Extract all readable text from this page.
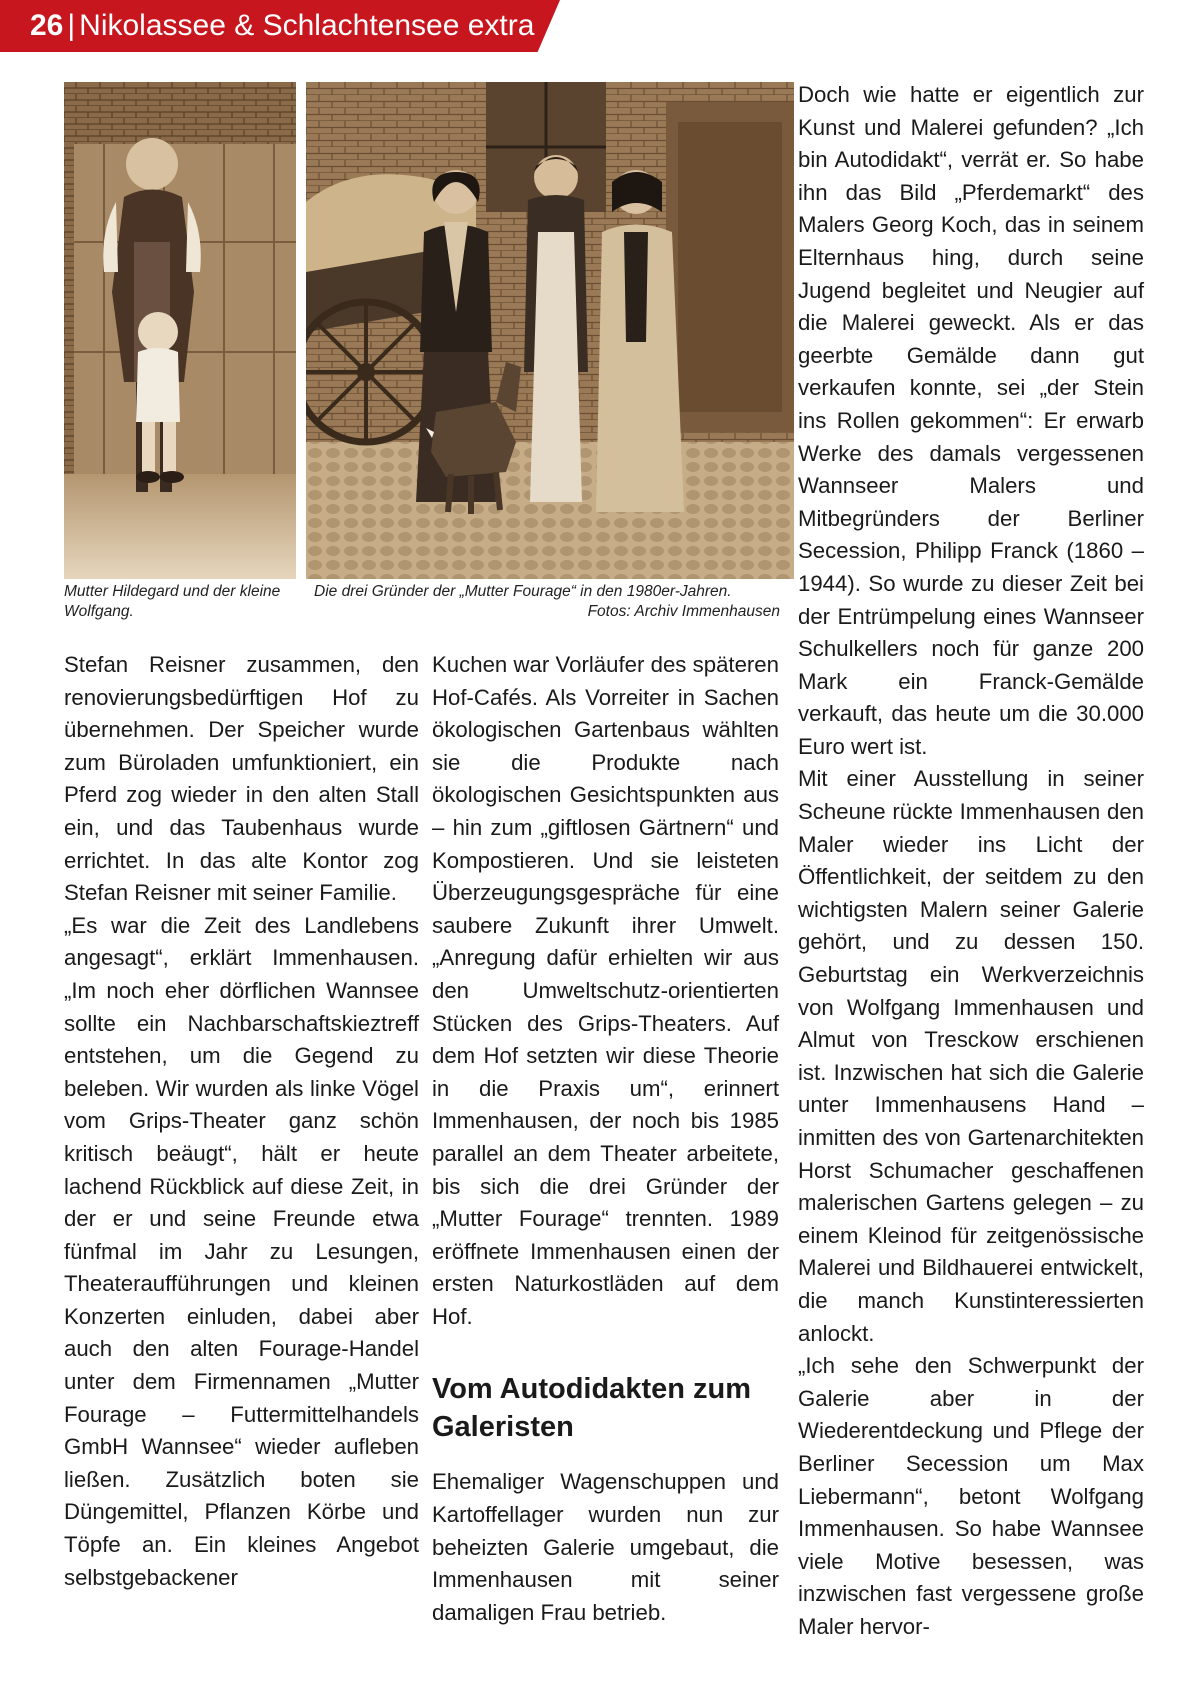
26 | Nikolassee & Schlachtensee extra
Mutter Hildegard und der kleine Wolfgang.
Die drei Gründer der „Mutter Fourage“ in den 1980er-Jahren.
Fotos: Archiv Immenhausen

Stefan Reisner zusammen, den renovierungsbedürftigen Hof zu übernehmen. Der Speicher wurde zum Büroladen umfunktioniert, ein Pferd zog wieder in den alten Stall ein, und das Taubenhaus wurde errichtet. In das alte Kontor zog Stefan Reisner mit seiner Familie.

„Es war die Zeit des Landlebens angesagt“, erklärt Immenhausen. „Im noch eher dörflichen Wannsee sollte ein Nachbarschaftskieztreff entstehen, um die Gegend zu beleben. Wir wurden als linke Vögel vom Grips-Theater ganz schön kritisch beäugt“, hält er heute lachend Rückblick auf diese Zeit, in der er und seine Freunde etwa fünfmal im Jahr zu Lesungen, Theateraufführungen und kleinen Konzerten einluden, dabei aber auch den alten Fourage-Handel unter dem Firmennamen „Mutter Fourage – Futtermittelhandels GmbH Wannsee“ wieder aufleben ließen. Zusätzlich boten sie Düngemittel, Pflanzen Körbe und Töpfe an. Ein kleines Angebot selbstgebackener

Kuchen war Vorläufer des späteren Hof-Cafés. Als Vorreiter in Sachen ökologischen Gartenbaus wählten sie die Produkte nach ökologischen Gesichtspunkten aus – hin zum „giftlosen Gärtnern“ und Kompostieren. Und sie leisteten Überzeugungsgespräche für eine saubere Zukunft ihrer Umwelt. „Anregung dafür erhielten wir aus den Umweltschutz-orientierten Stücken des Grips-Theaters. Auf dem Hof setzten wir diese Theorie in die Praxis um“, erinnert Immenhausen, der noch bis 1985 parallel an dem Theater arbeitete, bis sich die drei Gründer der „Mutter Fourage“ trennten. 1989 eröffnete Immenhausen einen der ersten Naturkostläden auf dem Hof.

Vom Autodidakten zum Galeristen

Ehemaliger Wagenschuppen und Kartoffellager wurden nun zur beheizten Galerie umgebaut, die Immenhausen mit seiner damaligen Frau betrieb.

Doch wie hatte er eigentlich zur Kunst und Malerei gefunden? „Ich bin Autodidakt“, verrät er. So habe ihn das Bild „Pferdemarkt“ des Malers Georg Koch, das in seinem Elternhaus hing, durch seine Jugend begleitet und Neugier auf die Malerei geweckt. Als er das geerbte Gemälde dann gut verkaufen konnte, sei „der Stein ins Rollen gekommen“: Er erwarb Werke des damals vergessenen Wannseer Malers und Mitbegründers der Berliner Secession, Philipp Franck (1860 – 1944). So wurde zu dieser Zeit bei der Entrümpelung eines Wannseer Schulkellers noch für ganze 200 Mark ein Franck-Gemälde verkauft, das heute um die 30.000 Euro wert ist.

Mit einer Ausstellung in seiner Scheune rückte Immenhausen den Maler wieder ins Licht der Öffentlichkeit, der seitdem zu den wichtigsten Malern seiner Galerie gehört, und zu dessen 150. Geburtstag ein Werkverzeichnis von Wolfgang Immenhausen und Almut von Tresckow erschienen ist. Inzwischen hat sich die Galerie unter Immenhausens Hand – inmitten des von Gartenarchitekten Horst Schumacher geschaffenen malerischen Gartens gelegen – zu einem Kleinod für zeitgenössische Malerei und Bildhauerei entwickelt, die manch Kunstinteressierten anlockt.

„Ich sehe den Schwerpunkt der Galerie aber in der Wiederentdeckung und Pflege der Berliner Secession um Max Liebermann“, betont Wolfgang Immenhausen. So habe Wannsee viele Motive besessen, was inzwischen fast vergessene große Maler hervor-
